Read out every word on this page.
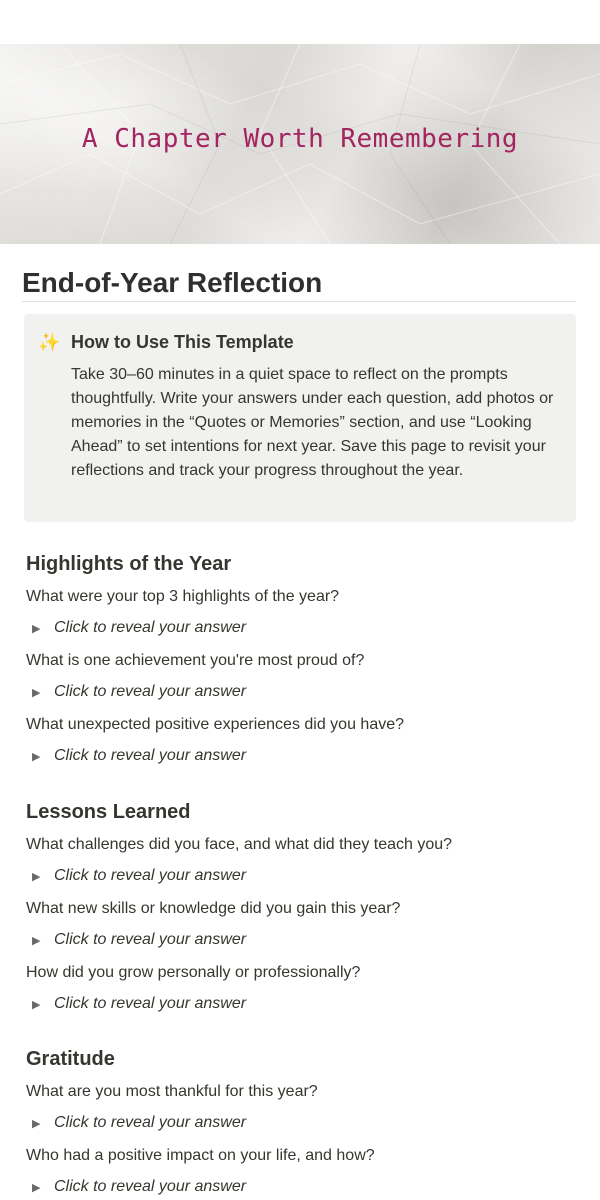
A Chapter Worth Remembering
End-of-Year Reflection
✨ How to Use This Template
Take 30–60 minutes in a quiet space to reflect on the prompts thoughtfully. Write your answers under each question, add photos or memories in the “Quotes or Memories” section, and use “Looking Ahead” to set intentions for next year. Save this page to revisit your reflections and track your progress throughout the year.
Highlights of the Year
What were your top 3 highlights of the year?
▶ Click to reveal your answer
What is one achievement you're most proud of?
▶ Click to reveal your answer
What unexpected positive experiences did you have?
▶ Click to reveal your answer
Lessons Learned
What challenges did you face, and what did they teach you?
▶ Click to reveal your answer
What new skills or knowledge did you gain this year?
▶ Click to reveal your answer
How did you grow personally or professionally?
▶ Click to reveal your answer
Gratitude
What are you most thankful for this year?
▶ Click to reveal your answer
Who had a positive impact on your life, and how?
▶ Click to reveal your answer
